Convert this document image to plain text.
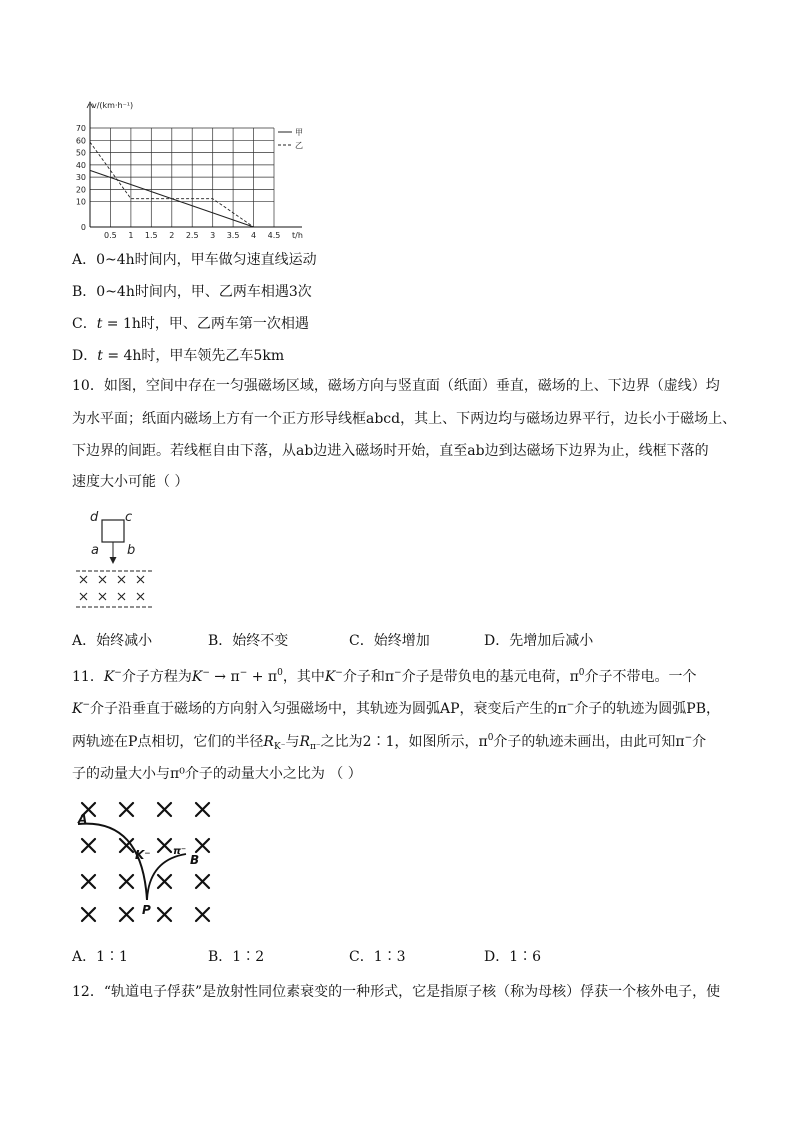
v/(km·h⁻¹)
70
60
50
40
30
20
10
0
0.5 1 1.5 2 2.5 3 3.5 4 4.5 t/h
甲
乙
A．0~4h时间内，甲车做匀速直线运动
B．0~4h时间内，甲、乙两车相遇3次
C．t = 1h时，甲、乙两车第一次相遇
D．t = 4h时，甲车领先乙车5km
10．如图，空间中存在一匀强磁场区域，磁场方向与竖直面（纸面）垂直，磁场的上、下边界（虚线）均
为水平面；纸面内磁场上方有一个正方形导线框abcd，其上、下两边均与磁场边界平行，边长小于磁场上、
下边界的间距。若线框自由下落，从ab边进入磁场时开始，直至ab边到达磁场下边界为止，线框下落的
速度大小可能（ ）
d c
a b
A．始终减小	B．始终不变	C．始终增加	D．先增加后减小
11．K−介子方程为$K^- \to \pi^- + \pi^0$，其中K−介子和π−介子是带负电的基元电荷，$\pi^0$介子不带电。一个
K−介子沿垂直于磁场的方向射入匀强磁场中，其轨迹为圆弧AP，衰变后产生的π−介子的轨迹为圆弧PB，
两轨迹在P点相切，它们的半径$R_{K^-}$与$R_{\pi^-}$之比为2∶1，如图所示，$\pi^0$介子的轨迹未画出，由此可知π−介
子的动量大小与π⁰介子的动量大小之比为 （ ）
A
B
P
K⁻ π⁻
A．1∶1	B．1∶2	C．1∶3	D．1∶6
12．“轨道电子俘获”是放射性同位素衰变的一种形式，它是指原子核（称为母核）俘获一个核外电子，使
